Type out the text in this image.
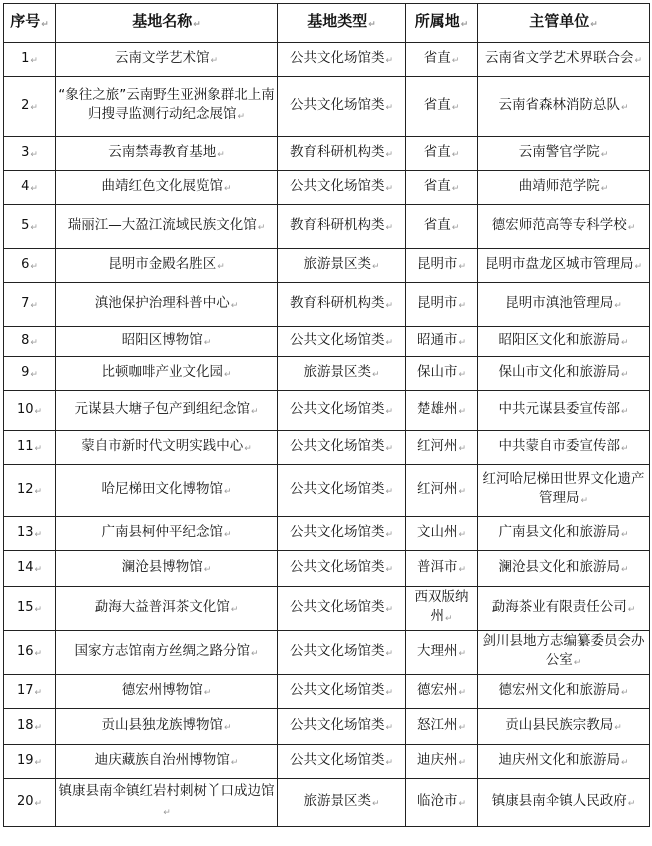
序号↵	基地名称↵	基地类型↵	所属地↵	主管单位↵
1↵	云南文学艺术馆↵	公共文化场馆类↵	省直↵	云南省文学艺术界联合会↵
2↵	“象往之旅”云南野生亚洲象群北上南归搜寻监测行动纪念展馆↵	公共文化场馆类↵	省直↵	云南省森林消防总队↵
3↵	云南禁毒教育基地↵	教育科研机构类↵	省直↵	云南警官学院↵
4↵	曲靖红色文化展览馆↵	公共文化场馆类↵	省直↵	曲靖师范学院↵
5↵	瑞丽江—大盈江流域民族文化馆↵	教育科研机构类↵	省直↵	德宏师范高等专科学校↵
6↵	昆明市金殿名胜区↵	旅游景区类↵	昆明市↵	昆明市盘龙区城市管理局↵
7↵	滇池保护治理科普中心↵	教育科研机构类↵	昆明市↵	昆明市滇池管理局↵
8↵	昭阳区博物馆↵	公共文化场馆类↵	昭通市↵	昭阳区文化和旅游局↵
9↵	比顿咖啡产业文化园↵	旅游景区类↵	保山市↵	保山市文化和旅游局↵
10↵	元谋县大塘子包产到组纪念馆↵	公共文化场馆类↵	楚雄州↵	中共元谋县委宣传部↵
11↵	蒙自市新时代文明实践中心↵	公共文化场馆类↵	红河州↵	中共蒙自市委宣传部↵
12↵	哈尼梯田文化博物馆↵	公共文化场馆类↵	红河州↵	红河哈尼梯田世界文化遗产管理局↵
13↵	广南县柯仲平纪念馆↵	公共文化场馆类↵	文山州↵	广南县文化和旅游局↵
14↵	澜沧县博物馆↵	公共文化场馆类↵	普洱市↵	澜沧县文化和旅游局↵
15↵	勐海大益普洱茶文化馆↵	公共文化场馆类↵	西双版纳州↵	勐海茶业有限责任公司↵
16↵	国家方志馆南方丝绸之路分馆↵	公共文化场馆类↵	大理州↵	剑川县地方志编纂委员会办公室↵
17↵	德宏州博物馆↵	公共文化场馆类↵	德宏州↵	德宏州文化和旅游局↵
18↵	贡山县独龙族博物馆↵	公共文化场馆类↵	怒江州↵	贡山县民族宗教局↵
19↵	迪庆藏族自治州博物馆↵	公共文化场馆类↵	迪庆州↵	迪庆州文化和旅游局↵
20↵	镇康县南伞镇红岩村刺树丫口成边馆↵	旅游景区类↵	临沧市↵	镇康县南伞镇人民政府↵
